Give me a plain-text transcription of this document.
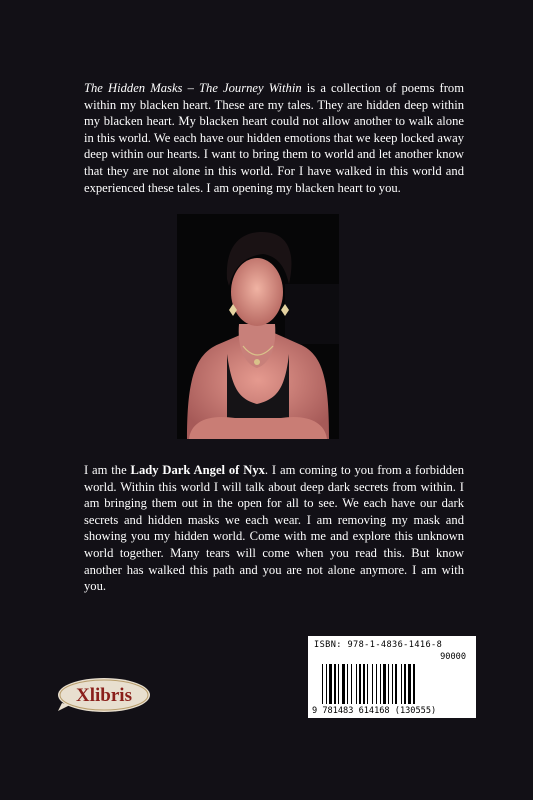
The Hidden Masks – The Journey Within is a collection of poems from within my blacken heart. These are my tales. They are hidden deep within my blacken heart. My blacken heart could not allow another to walk alone in this world. We each have our hidden emotions that we keep locked away deep within our hearts. I want to bring them to world and let another know that they are not alone in this world. For I have walked in this world and experienced these tales. I am opening my blacken heart to you.

I am the Lady Dark Angel of Nyx. I am coming to you from a forbidden world. Within this world I will talk about deep dark secrets from within. I am bringing them out in the open for all to see. We each have our dark secrets and hidden masks we each wear. I am removing my mask and showing you my hidden world. Come with me and explore this unknown world together. Many tears will come when you read this. But know another has walked this path and you are not alone anymore. I am with you.

Xlibris
ISBN: 978-1-4836-1416-8
90000
9 781483 614168 (130555)
